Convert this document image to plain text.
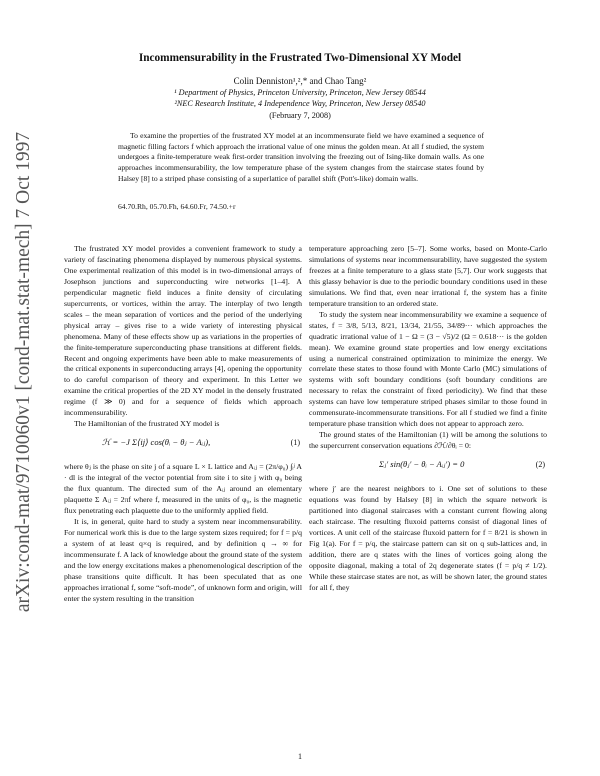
arXiv:cond-mat/9710060v1 [cond-mat.stat-mech] 7 Oct 1997
Incommensurability in the Frustrated Two-Dimensional XY Model
Colin Denniston¹,²,* and Chao Tang²
¹ Department of Physics, Princeton University, Princeton, New Jersey 08544
²NEC Research Institute, 4 Independence Way, Princeton, New Jersey 08540
(February 7, 2008)

To examine the properties of the frustrated XY model at an incommensurate field we have examined a sequence of magnetic filling factors f which approach the irrational value of one minus the golden mean. At all f studied, the system undergoes a finite-temperature weak first-order transition involving the freezing out of Ising-like domain walls. As one approaches incommensurability, the low temperature phase of the system changes from the staircase states found by Halsey [8] to a striped phase consisting of a superlattice of parallel shift (Pott's-like) domain walls.

64.70.Rh, 05.70.Fh, 64.60.Fr, 74.50.+r

The frustrated XY model provides a convenient framework to study a variety of fascinating phenomena displayed by numerous physical systems. One experimental realization of this model is in two-dimensional arrays of Josephson junctions and superconducting wire networks [1–4]. A perpendicular magnetic field induces a finite density of circulating supercurrents, or vortices, within the array. The interplay of two length scales – the mean separation of vortices and the period of the underlying physical array – gives rise to a wide variety of interesting physical phenomena. Many of these effects show up as variations in the properties of the finite-temperature superconducting phase transitions at different fields. Recent and ongoing experiments have been able to make measurements of the critical exponents in superconducting arrays [4], opening the opportunity to do careful comparison of theory and experiment. In this Letter we examine the critical properties of the 2D XY model in the densely frustrated regime (f ≫ 0) and for a sequence of fields which approach incommensurability.

The Hamiltonian of the frustrated XY model is

ℋ = −J Σ⟨ij⟩ cos(θᵢ − θⱼ − Aᵢⱼ),	(1)

where θⱼ is the phase on site j of a square L × L lattice and Aᵢⱼ = (2π/φ₀) ∫ᵢʲ A · dl is the integral of the vector potential from site i to site j with φ₀ being the flux quantum. The directed sum of the Aᵢⱼ around an elementary plaquette Σ Aᵢⱼ = 2πf where f, measured in the units of φ₀, is the magnetic flux penetrating each plaquette due to the uniformly applied field.

It is, in general, quite hard to study a system near incommensurability. For numerical work this is due to the large system sizes required; for f = p/q a system of at least q×q is required, and by definition q → ∞ for incommensurate f. A lack of knowledge about the ground state of the system and the low energy excitations makes a phenomenological description of the phase transitions quite difficult. It has been speculated that as one approaches irrational f, some “soft-mode”, of unknown form and origin, will enter the system resulting in the transition

temperature approaching zero [5–7]. Some works, based on Monte-Carlo simulations of systems near incommensurability, have suggested the system freezes at a finite temperature to a glass state [5,7]. Our work suggests that this glassy behavior is due to the periodic boundary conditions used in these simulations. We find that, even near irrational f, the system has a finite temperature transition to an ordered state.

To study the system near incommensurability we examine a sequence of states, f = 3/8, 5/13, 8/21, 13/34, 21/55, 34/89··· which approaches the quadratic irrational value of 1 − Ω = (3 − √5)/2 (Ω = 0.618··· is the golden mean). We examine ground state properties and low energy excitations using a numerical constrained optimization to minimize the energy. We correlate these states to those found with Monte Carlo (MC) simulations of systems with soft boundary conditions (soft boundary conditions are necessary to relax the constraint of fixed periodicity). We find that these systems can have low temperature striped phases similar to those found in commensurate-incommensurate transitions. For all f studied we find a finite temperature phase transition which does not appear to approach zero.

The ground states of the Hamiltonian (1) will be among the solutions to the supercurrent conservation equations ∂ℋ/∂θᵢ = 0:

Σⱼ′ sin(θⱼ′ − θᵢ − Aᵢⱼ′) = 0	(2)

where j′ are the nearest neighbors to i. One set of solutions to these equations was found by Halsey [8] in which the square network is partitioned into diagonal staircases with a constant current flowing along each staircase. The resulting fluxoid patterns consist of diagonal lines of vortices. A unit cell of the staircase fluxoid pattern for f = 8/21 is shown in Fig 1(a). For f = p/q, the staircase pattern can sit on q sub-lattices and, in addition, there are q states with the lines of vortices going along the opposite diagonal, making a total of 2q degenerate states (f = p/q ≠ 1/2). While these staircase states are not, as will be shown later, the ground states for all f, they

1
